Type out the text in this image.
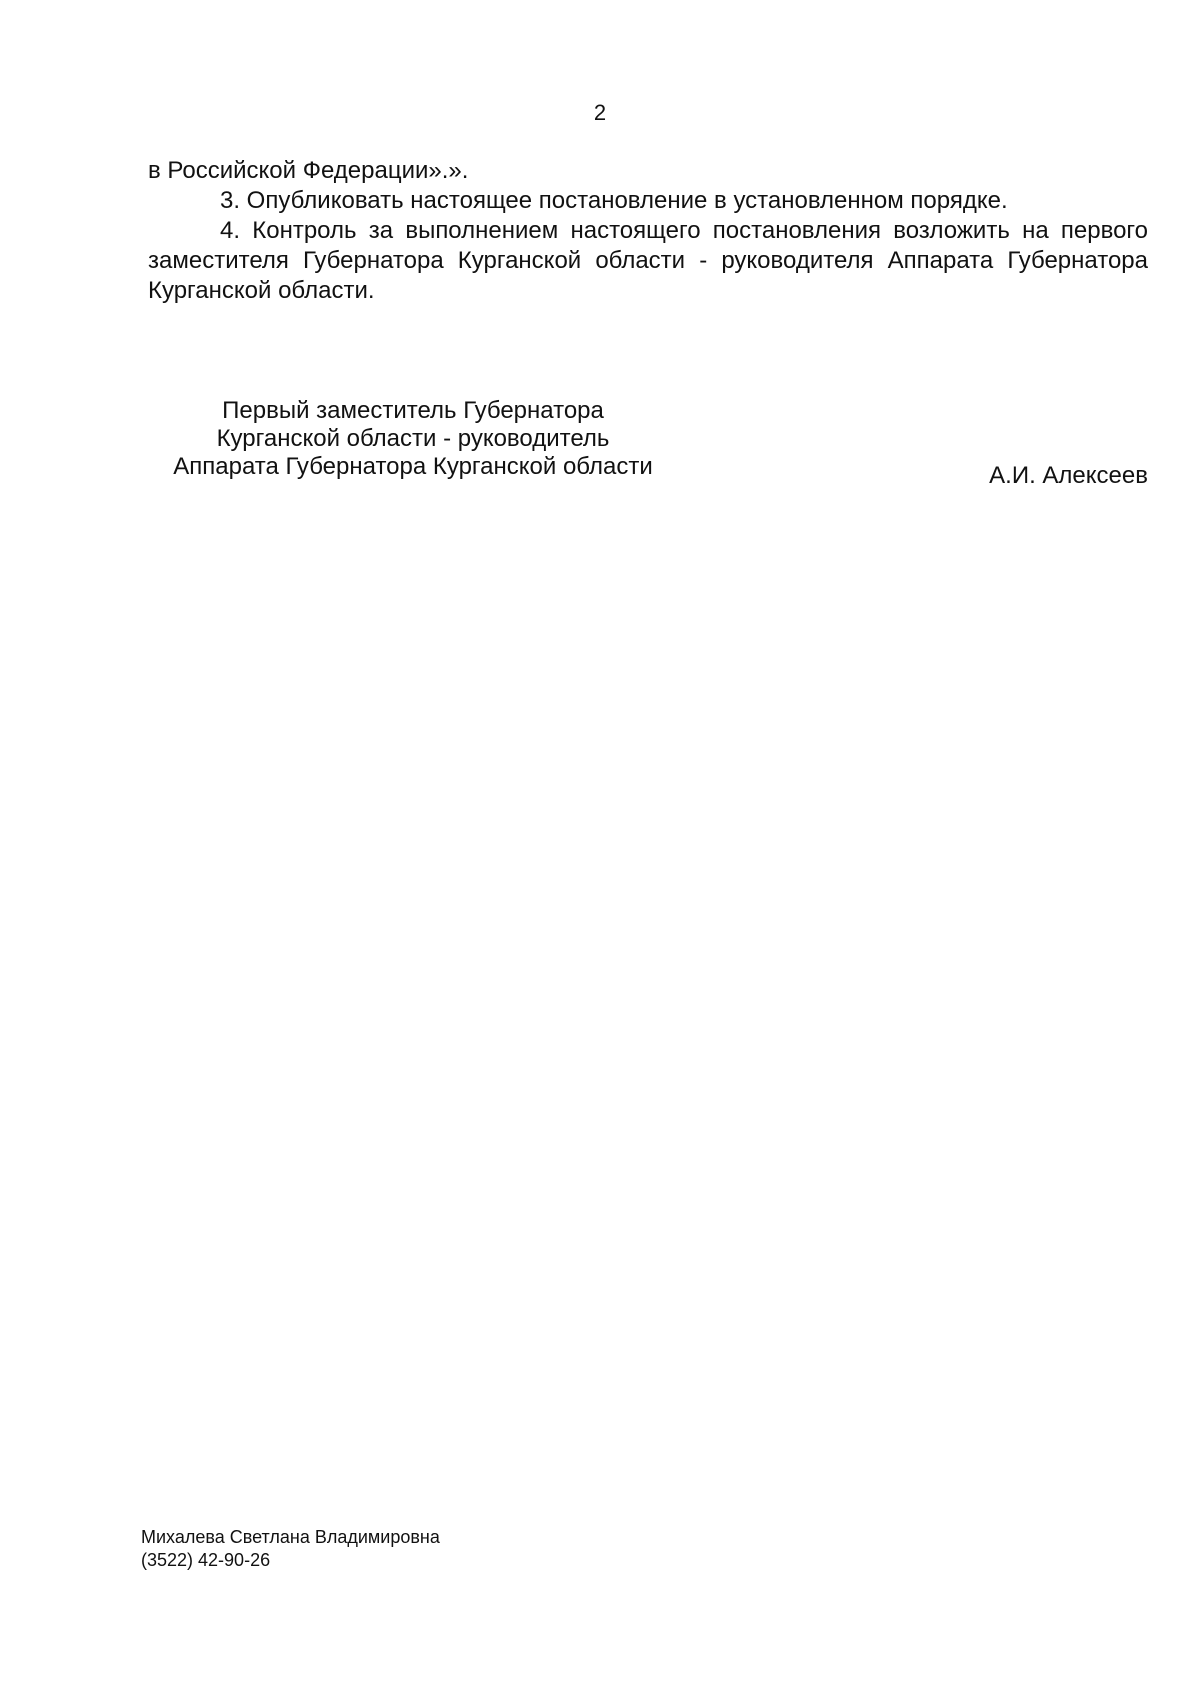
2

в Российской Федерации».».

3. Опубликовать настоящее постановление в установленном порядке.

4. Контроль за выполнением настоящего постановления возложить на первого заместителя Губернатора Курганской области - руководителя Аппарата Губернатора Курганской области.

Первый заместитель Губернатора
Курганской области - руководитель
Аппарата Губернатора Курганской области	А.И. Алексеев
Михалева Светлана Владимировна
(3522) 42-90-26
